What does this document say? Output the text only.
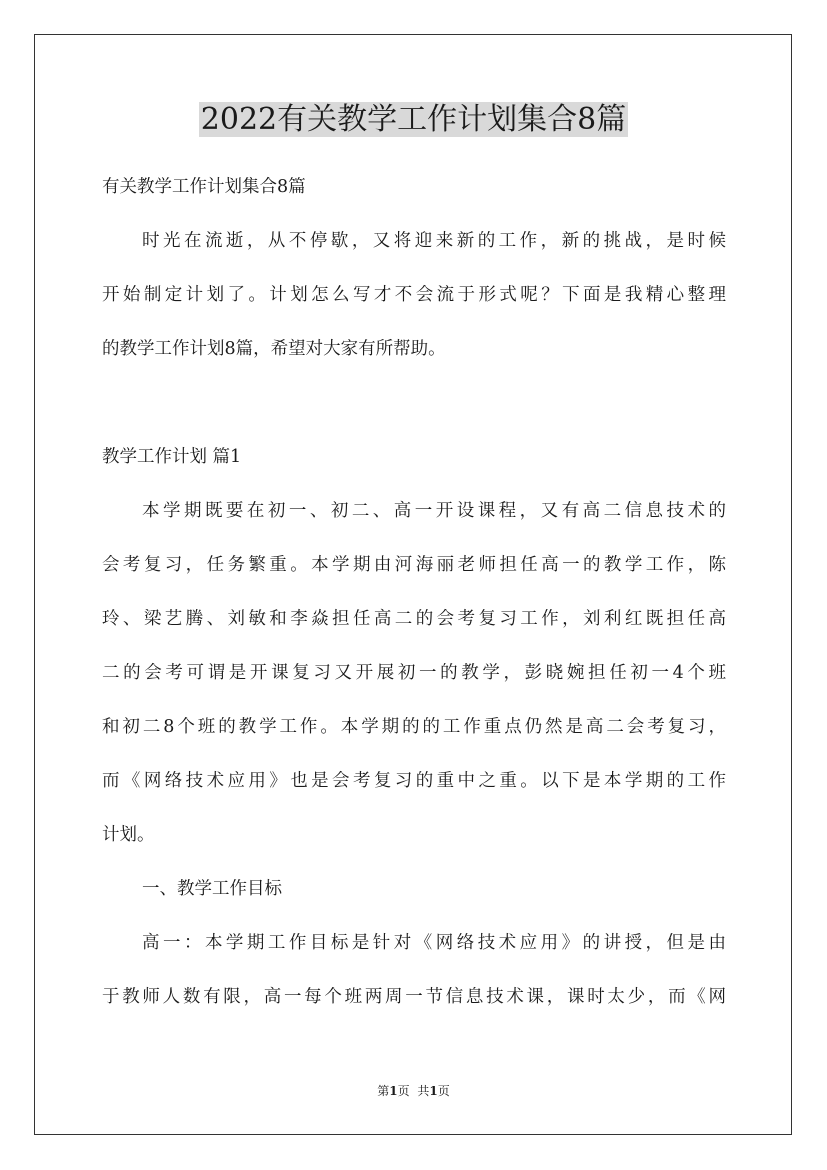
2022有关教学工作计划集合8篇
有关教学工作计划集合8篇
时光在流逝，从不停歇，又将迎来新的工作，新的挑战，是时候
开始制定计划了。计划怎么写才不会流于形式呢？下面是我精心整理
的教学工作计划8篇，希望对大家有所帮助。
教学工作计划 篇1
本学期既要在初一、初二、高一开设课程，又有高二信息技术的
会考复习，任务繁重。本学期由河海丽老师担任高一的教学工作，陈
玲、梁艺腾、刘敏和李焱担任高二的会考复习工作，刘利红既担任高
二的会考可谓是开课复习又开展初一的教学，彭晓婉担任初一4个班
和初二8个班的教学工作。本学期的的工作重点仍然是高二会考复习，
而《网络技术应用》也是会考复习的重中之重。以下是本学期的工作
计划。
一、教学工作目标
高一：本学期工作目标是针对《网络技术应用》的讲授，但是由
于教师人数有限，高一每个班两周一节信息技术课，课时太少，而《网
第1页 共1页
